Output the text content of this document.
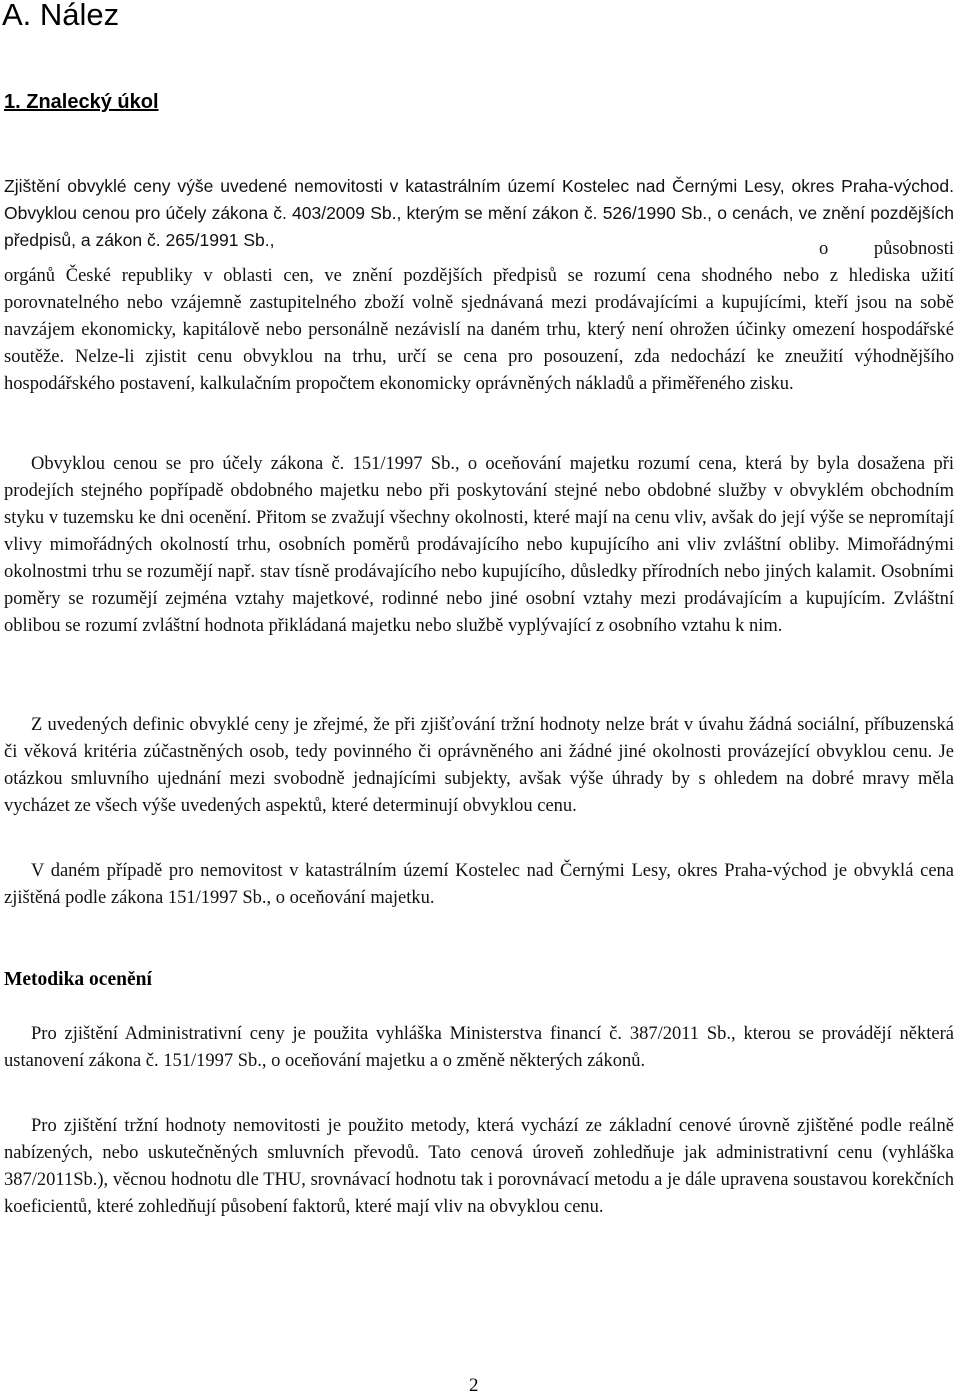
A. Nález
1. Znalecký úkol

Zjištění obvyklé ceny výše uvedené nemovitosti v katastrálním území Kostelec nad Černými Lesy, okres Praha-východ. Obvyklou cenou pro účely zákona č. 403/2009 Sb., kterým se mění zákon č. 526/1990 Sb., o cenách, ve znění pozdějších předpisů, a zákon č. 265/1991 Sb.,	o působnosti orgánů České republiky v oblasti cen, ve znění pozdějších předpisů se rozumí cena shodného nebo z hlediska užití porovnatelného nebo vzájemně zastupitelného zboží volně sjednávaná mezi prodávajícími a kupujícími, kteří jsou na sobě navzájem ekonomicky, kapitálově nebo personálně nezávislí na daném trhu, který není ohrožen účinky omezení hospodářské soutěže. Nelze-li zjistit cenu obvyklou na trhu, určí se cena pro posouzení, zda nedochází ke zneužití výhodnějšího hospodářského postavení, kalkulačním propočtem ekonomicky oprávněných nákladů a přiměřeného zisku.

Obvyklou cenou se pro účely zákona č. 151/1997 Sb., o oceňování majetku rozumí cena, která by byla dosažena při prodejích stejného popřípadě obdobného majetku nebo při poskytování stejné nebo obdobné služby v obvyklém obchodním styku v tuzemsku ke dni ocenění. Přitom se zvažují všechny okolnosti, které mají na cenu vliv, avšak do její výše se nepromítají vlivy mimořádných okolností trhu, osobních poměrů prodávajícího nebo kupujícího ani vliv zvláštní obliby. Mimořádnými okolnostmi trhu se rozumějí např. stav tísně prodávajícího nebo kupujícího, důsledky přírodních nebo jiných kalamit. Osobními poměry se rozumějí zejména vztahy majetkové, rodinné nebo jiné osobní vztahy mezi prodávajícím a kupujícím. Zvláštní oblibou se rozumí zvláštní hodnota přikládaná majetku nebo službě vyplývající z osobního vztahu k nim.

Z uvedených definic obvyklé ceny je zřejmé, že při zjišťování tržní hodnoty nelze brát v úvahu žádná sociální, příbuzenská či věková kritéria zúčastněných osob, tedy povinného či oprávněného ani žádné jiné okolnosti provázející obvyklou cenu. Je otázkou smluvního ujednání mezi svobodně jednajícími subjekty, avšak výše úhrady by s ohledem na dobré mravy měla vycházet ze všech výše uvedených aspektů, které determinují obvyklou cenu.

V daném případě pro nemovitost v katastrálním území Kostelec nad Černými Lesy, okres Praha-východ je obvyklá cena zjištěná podle zákona 151/1997 Sb., o oceňování majetku.

Metodika ocenění

Pro zjištění Administrativní ceny je použita vyhláška Ministerstva financí č. 387/2011 Sb., kterou se provádějí některá ustanovení zákona č. 151/1997 Sb., o oceňování majetku a o změně některých zákonů.

Pro zjištění tržní hodnoty nemovitosti je použito metody, která vychází ze základní cenové úrovně zjištěné podle reálně nabízených, nebo uskutečněných smluvních převodů. Tato cenová úroveň zohledňuje jak administrativní cenu (vyhláška 387/2011Sb.), věcnou hodnotu dle THU, srovnávací hodnotu tak i porovnávací metodu a je dále upravena soustavou korekčních koeficientů, které zohledňují působení faktorů, které mají vliv na obvyklou cenu.

2
